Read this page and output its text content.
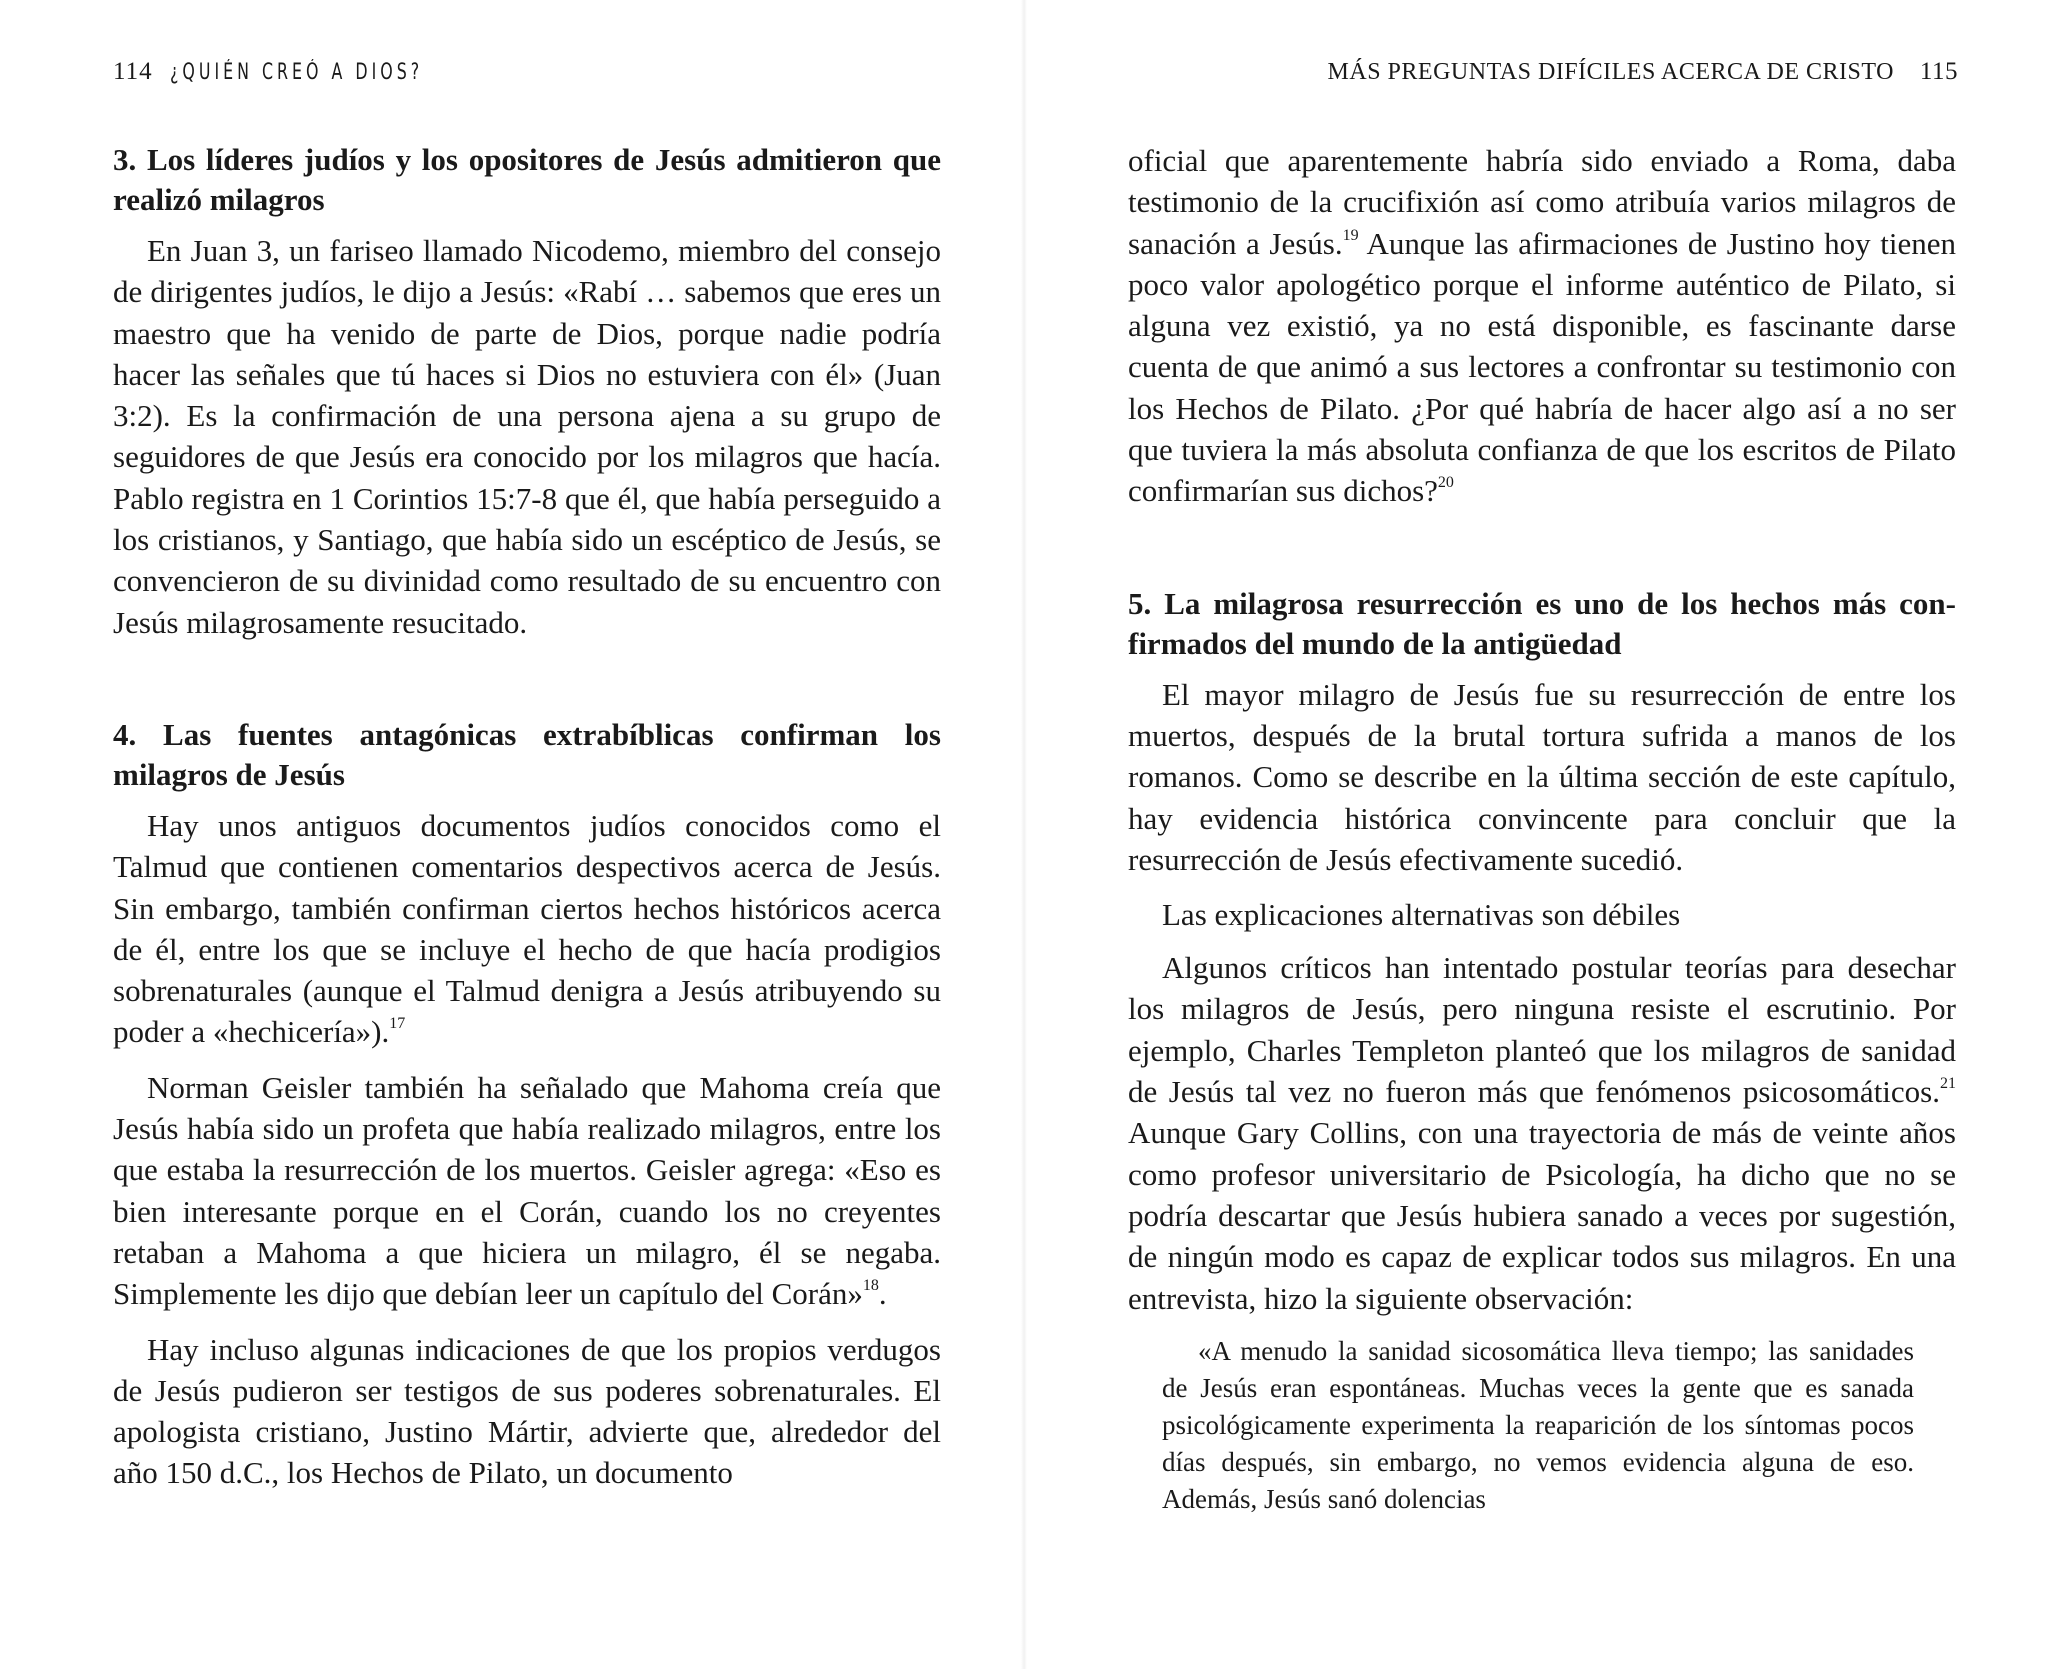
114 ¿QUIÉN CREÓ A DIOS?
3. Los líderes judíos y los opositores de Jesús admitieron que realizó milagros

En Juan 3, un fariseo llamado Nicodemo, miembro del consejo de dirigentes judíos, le dijo a Jesús: «Rabí … sabemos que eres un maestro que ha venido de parte de Dios, porque nadie podría hacer las señales que tú haces si Dios no estuviera con él» (Juan 3:2). Es la confirmación de una persona ajena a su grupo de seguidores de que Jesús era conocido por los milagros que hacía. Pablo registra en 1 Corintios 15:7-8 que él, que había perseguido a los cristianos, y Santiago, que había sido un escéptico de Jesús, se convencieron de su divinidad como resultado de su encuentro con Jesús milagrosamente resucitado.

4. Las fuentes antagónicas extrabíblicas confirman los milagros de Jesús

Hay unos antiguos documentos judíos conocidos como el Talmud que contienen comentarios despectivos acerca de Jesús. Sin embargo, también confirman ciertos hechos históricos acerca de él, entre los que se incluye el hecho de que hacía prodigios sobrenaturales (aunque el Talmud denigra a Jesús atribuyendo su poder a «hechicería»).$^{17}$

Norman Geisler también ha señalado que Mahoma creía que Jesús había sido un profeta que había realizado milagros, entre los que estaba la resurrección de los muertos. Geisler agrega: «Eso es bien interesante porque en el Corán, cuando los no creyentes retaban a Mahoma a que hiciera un milagro, él se negaba. Simplemente les dijo que debían leer un capítulo del Corán»$^{18}$.

Hay incluso algunas indicaciones de que los propios verdugos de Jesús pudieron ser testigos de sus poderes sobrenaturales. El apologista cristiano, Justino Mártir, advierte que, alrededor del año 150 d.C., los Hechos de Pilato, un documento

MÁS PREGUNTAS DIFÍCILES ACERCA DE CRISTO 115

oficial que aparentemente habría sido enviado a Roma, daba testimonio de la crucifixión así como atribuía varios milagros de sanación a Jesús.$^{19}$ Aunque las afirmaciones de Justino hoy tienen poco valor apologético porque el informe auténtico de Pilato, si alguna vez existió, ya no está disponible, es fascinante darse cuenta de que animó a sus lectores a confrontar su testimonio con los Hechos de Pilato. ¿Por qué habría de hacer algo así a no ser que tuviera la más absoluta confianza de que los escritos de Pilato confirmarían sus dichos?$^{20}$

5. La milagrosa resurrección es uno de los hechos más confirmados del mundo de la antigüedad

El mayor milagro de Jesús fue su resurrección de entre los muertos, después de la brutal tortura sufrida a manos de los romanos. Como se describe en la última sección de este capítulo, hay evidencia histórica convincente para concluir que la resurrección de Jesús efectivamente sucedió.

Las explicaciones alternativas son débiles

Algunos críticos han intentado postular teorías para desechar los milagros de Jesús, pero ninguna resiste el escrutinio. Por ejemplo, Charles Templeton planteó que los milagros de sanidad de Jesús tal vez no fueron más que fenómenos psicosomáticos.$^{21}$ Aunque Gary Collins, con una trayectoria de más de veinte años como profesor universitario de Psicología, ha dicho que no se podría descartar que Jesús hubiera sanado a veces por sugestión, de ningún modo es capaz de explicar todos sus milagros. En una entrevista, hizo la siguiente observación:

«A menudo la sanidad sicosomática lleva tiempo; las sanidades de Jesús eran espontáneas. Muchas veces la gente que es sanada psicológicamente experimenta la reaparición de los síntomas pocos días después, sin embargo, no vemos evidencia alguna de eso. Además, Jesús sanó dolencias
